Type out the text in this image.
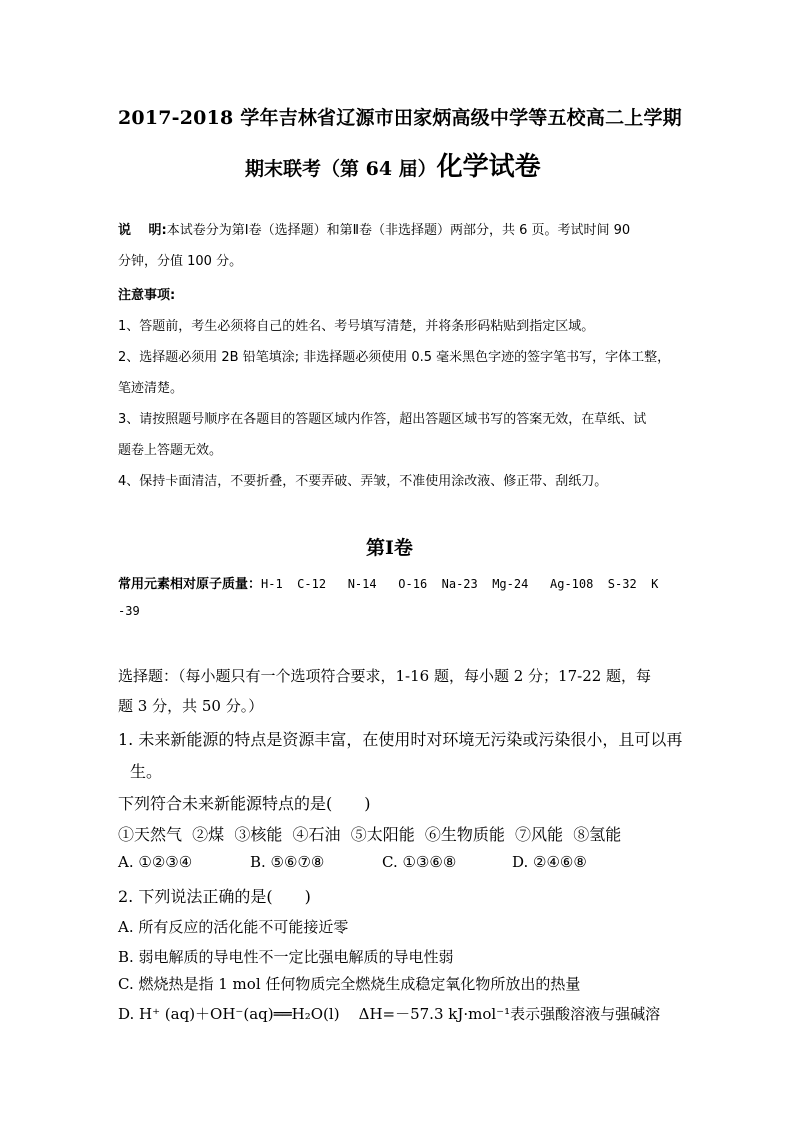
2017-2018 学年吉林省辽源市田家炳高级中学等五校高二上学期
期末联考（第 64 届）化学试卷
说　 明:本试卷分为第Ⅰ卷（选择题）和第Ⅱ卷（非选择题）两部分，共 6 页。考试时间 90
分钟，分值 100 分。
注意事项:
1、答题前，考生必须将自己的姓名、考号填写清楚，并将条形码粘贴到指定区域。
2、选择题必须用 2B 铅笔填涂; 非选择题必须使用 0.5 毫米黑色字迹的签字笔书写，字体工整，
笔迹清楚。
3、请按照题号顺序在各题目的答题区域内作答，超出答题区域书写的答案无效，在草纸、试
题卷上答题无效。
4、保持卡面清洁，不要折叠，不要弄破、弄皱，不准使用涂改液、修正带、刮纸刀。
第Ⅰ卷
常用元素相对原子质量：H-1  C-12   N-14   O-16  Na-23  Mg-24   Ag-108  S-32  K
-39
选择题：（每小题只有一个选项符合要求，1-16 题，每小题 2 分；17-22 题，每
题 3 分，共 50 分。）
1. 未来新能源的特点是资源丰富，在使用时对环境无污染或污染很小，且可以再
生。
下列符合未来新能源特点的是(　　)
①天然气  ②煤  ③核能  ④石油  ⑤太阳能  ⑥生物质能  ⑦风能  ⑧氢能
A. ①②③④	B. ⑤⑥⑦⑧	C. ①③⑥⑧	D. ②④⑥⑧
2. 下列说法正确的是(　　)
A. 所有反应的活化能不可能接近零
B. 弱电解质的导电性不一定比强电解质的导电性弱
C. 燃烧热是指 1 mol 任何物质完全燃烧生成稳定氧化物所放出的热量
D. H⁺ (aq)＋OH⁻(aq)══H₂O(l)    ΔH=－57.3 kJ·mol⁻¹表示强酸溶液与强碱溶
